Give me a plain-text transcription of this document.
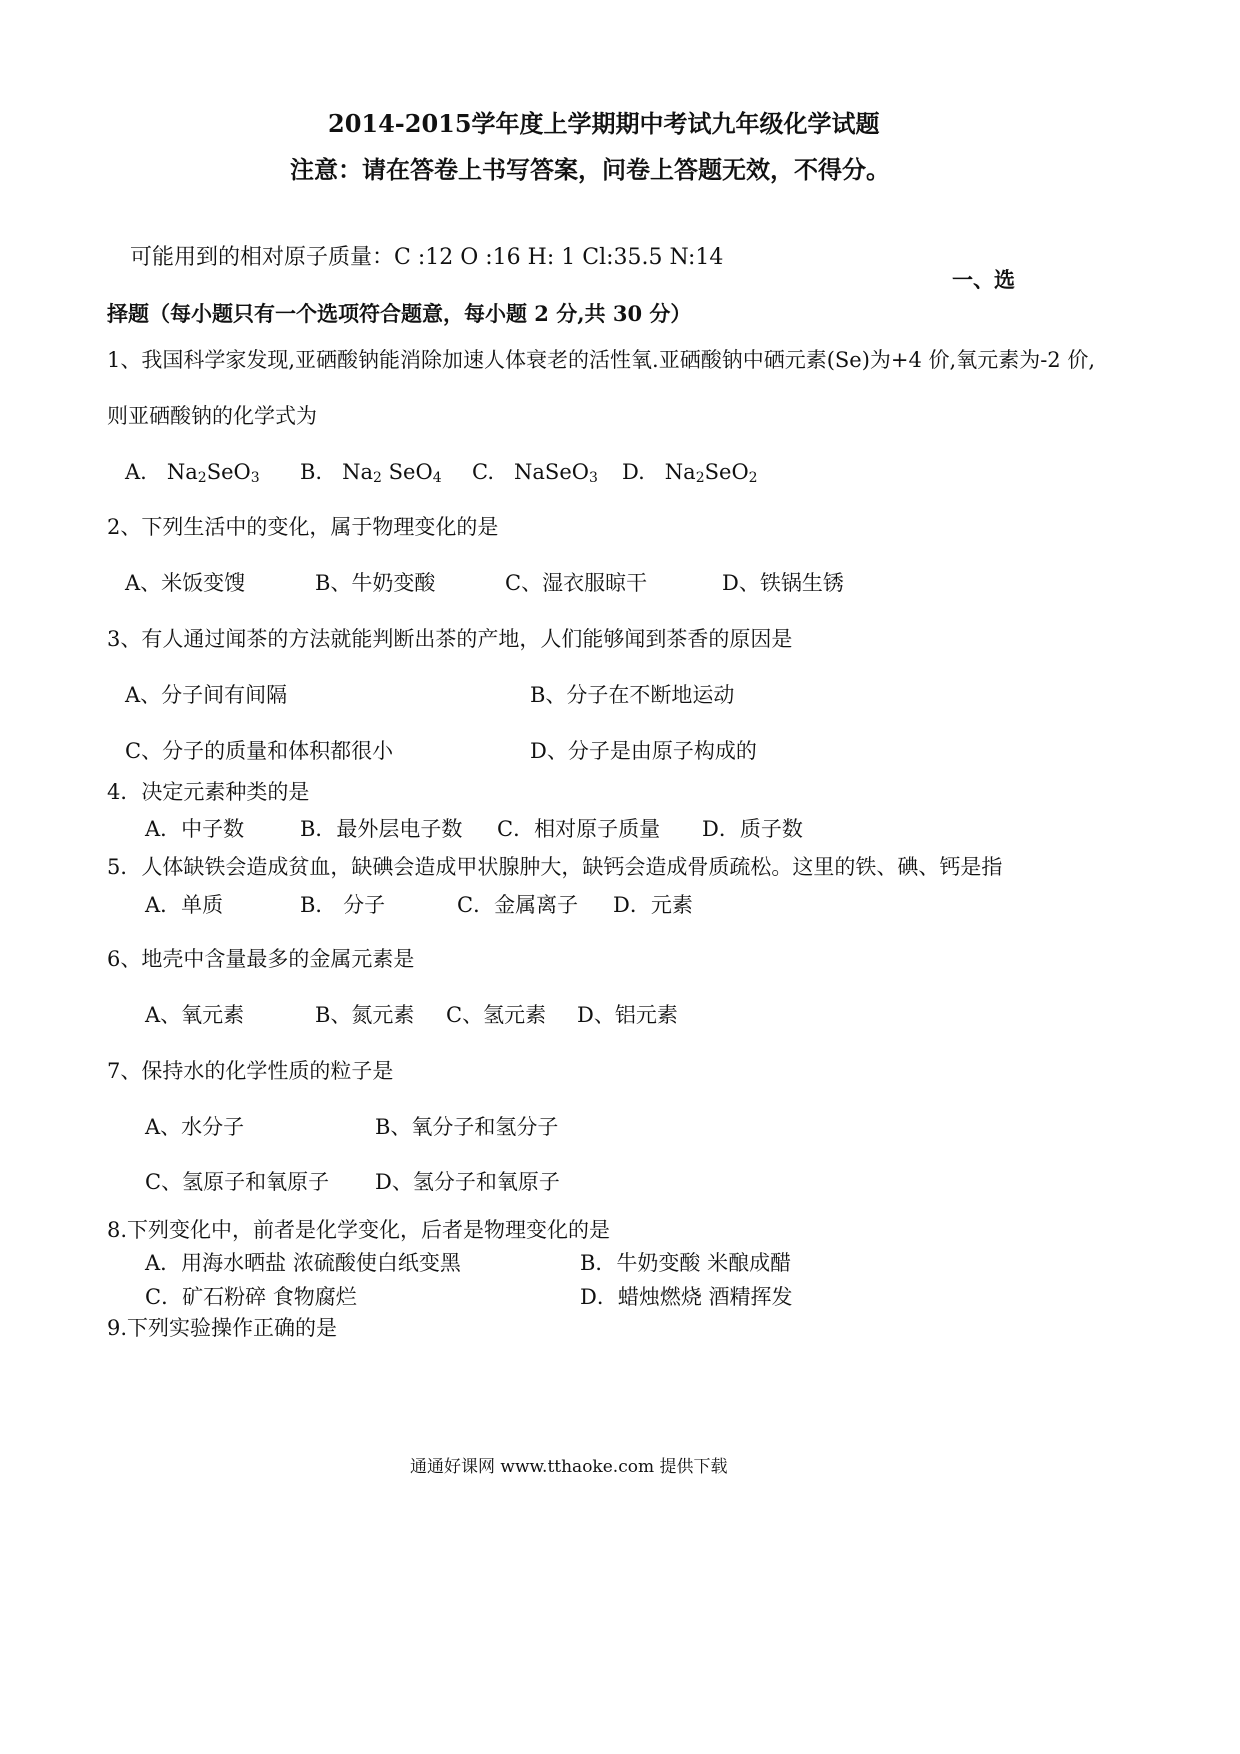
2014-2015学年度上学期期中考试九年级化学试题
注意：请在答卷上书写答案，问卷上答题无效，不得分。
可能用到的相对原子质量：C :12 O :16 H: 1 Cl:35.5 N:14
一、选
择题（每小题只有一个选项符合题意，每小题 2 分,共 30 分）
1、我国科学家发现,亚硒酸钠能消除加速人体衰老的活性氧.亚硒酸钠中硒元素(Se)为+4 价,氧元素为-2 价,
则亚硒酸钠的化学式为
A. $Na_2SeO_3$ B. $Na_2$ SeO$_4$ C. NaSeO$_3$ D. $Na_2SeO_2$
2、下列生活中的变化，属于物理变化的是
A、米饭变馊	B、牛奶变酸	C、湿衣服晾干	D、铁锅生锈
3、有人通过闻茶的方法就能判断出茶的产地，人们能够闻到茶香的原因是
A、分子间有间隔	B、分子在不断地运动
C、分子的质量和体积都很小	D、分子是由原子构成的
4．决定元素种类的是
A．中子数	B．最外层电子数 C．相对原子质量 D．质子数
5．人体缺铁会造成贫血，缺碘会造成甲状腺肿大，缺钙会造成骨质疏松。这里的铁、碘、钙是指
A．单质	B． 分子	C．金属离子 D．元素
6、地壳中含量最多的金属元素是
A、氧元素	B、氮元素 C、氢元素 D、铝元素
7、保持水的化学性质的粒子是
A、水分子	B、氧分子和氢分子
C、氢原子和氧原子 D、氢分子和氧原子
8.下列变化中，前者是化学变化，后者是物理变化的是
A．用海水晒盐 浓硫酸使白纸变黑	B．牛奶变酸 米酿成醋
C．矿石粉碎 食物腐烂	D．蜡烛燃烧 酒精挥发
9.下列实验操作正确的是
通通好课网 www.tthaoke.com 提供下载
